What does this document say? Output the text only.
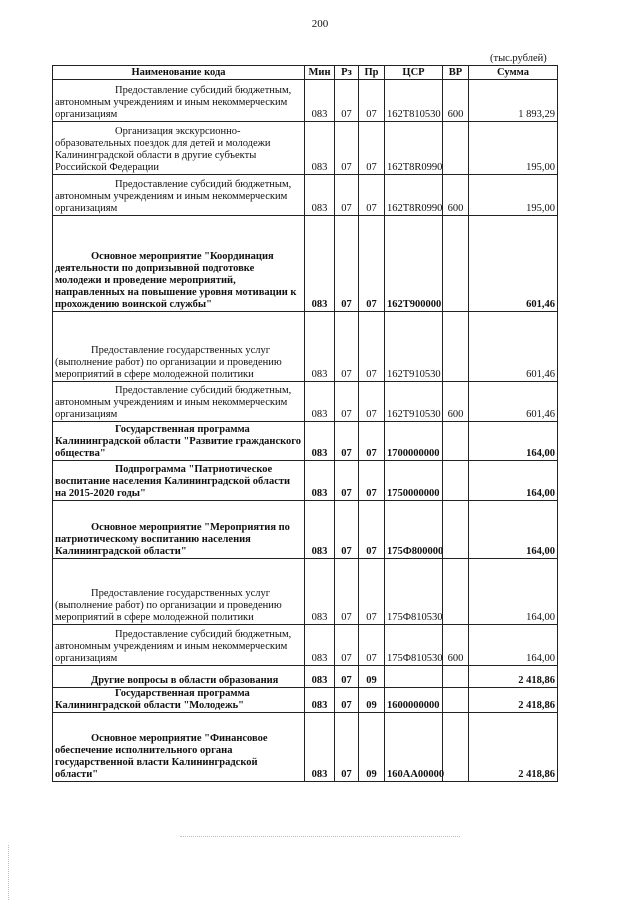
200
(тыс.рублей)
Наименование кода	Мин	Рз	Пр	ЦСР	ВР	Сумма
Предоставление субсидий бюджетным, автономным учреждениям и иным некоммерческим организациям	083	07	07	162Т810530	600	1 893,29
Организация экскурсионно-образовательных поездок для детей и молодежи Калининградской области в другие субъекты Российской Федерации	083	07	07	162Т8R0990		195,00
Предоставление субсидий бюджетным, автономным учреждениям и иным некоммерческим организациям	083	07	07	162Т8R0990	600	195,00
Основное мероприятие "Координация деятельности по допризывной подготовке молодежи и проведение мероприятий, направленных на повышение уровня мотивации к прохождению воинской службы"	083	07	07	162Т900000		601,46
Предоставление государственных услуг (выполнение работ) по организации и проведению мероприятий в сфере молодежной политики	083	07	07	162Т910530		601,46
Предоставление субсидий бюджетным, автономным учреждениям и иным некоммерческим организациям	083	07	07	162Т910530	600	601,46
Государственная программа Калининградской области "Развитие гражданского общества"	083	07	07	1700000000		164,00
Подпрограмма "Патриотическое воспитание населения Калининградской области на 2015-2020 годы"	083	07	07	1750000000		164,00
Основное мероприятие "Мероприятия по патриотическому воспитанию населения Калининградской области"	083	07	07	175Ф800000		164,00
Предоставление государственных услуг (выполнение работ) по организации и проведению мероприятий в сфере молодежной политики	083	07	07	175Ф810530		164,00
Предоставление субсидий бюджетным, автономным учреждениям и иным некоммерческим организациям	083	07	07	175Ф810530	600	164,00
Другие вопросы в области образования	083	07	09			2 418,86
Государственная программа Калининградской области "Молодежь"	083	07	09	1600000000		2 418,86
Основное мероприятие "Финансовое обеспечение исполнительного органа государственной власти Калининградской области"	083	07	09	160АА00000		2 418,86
